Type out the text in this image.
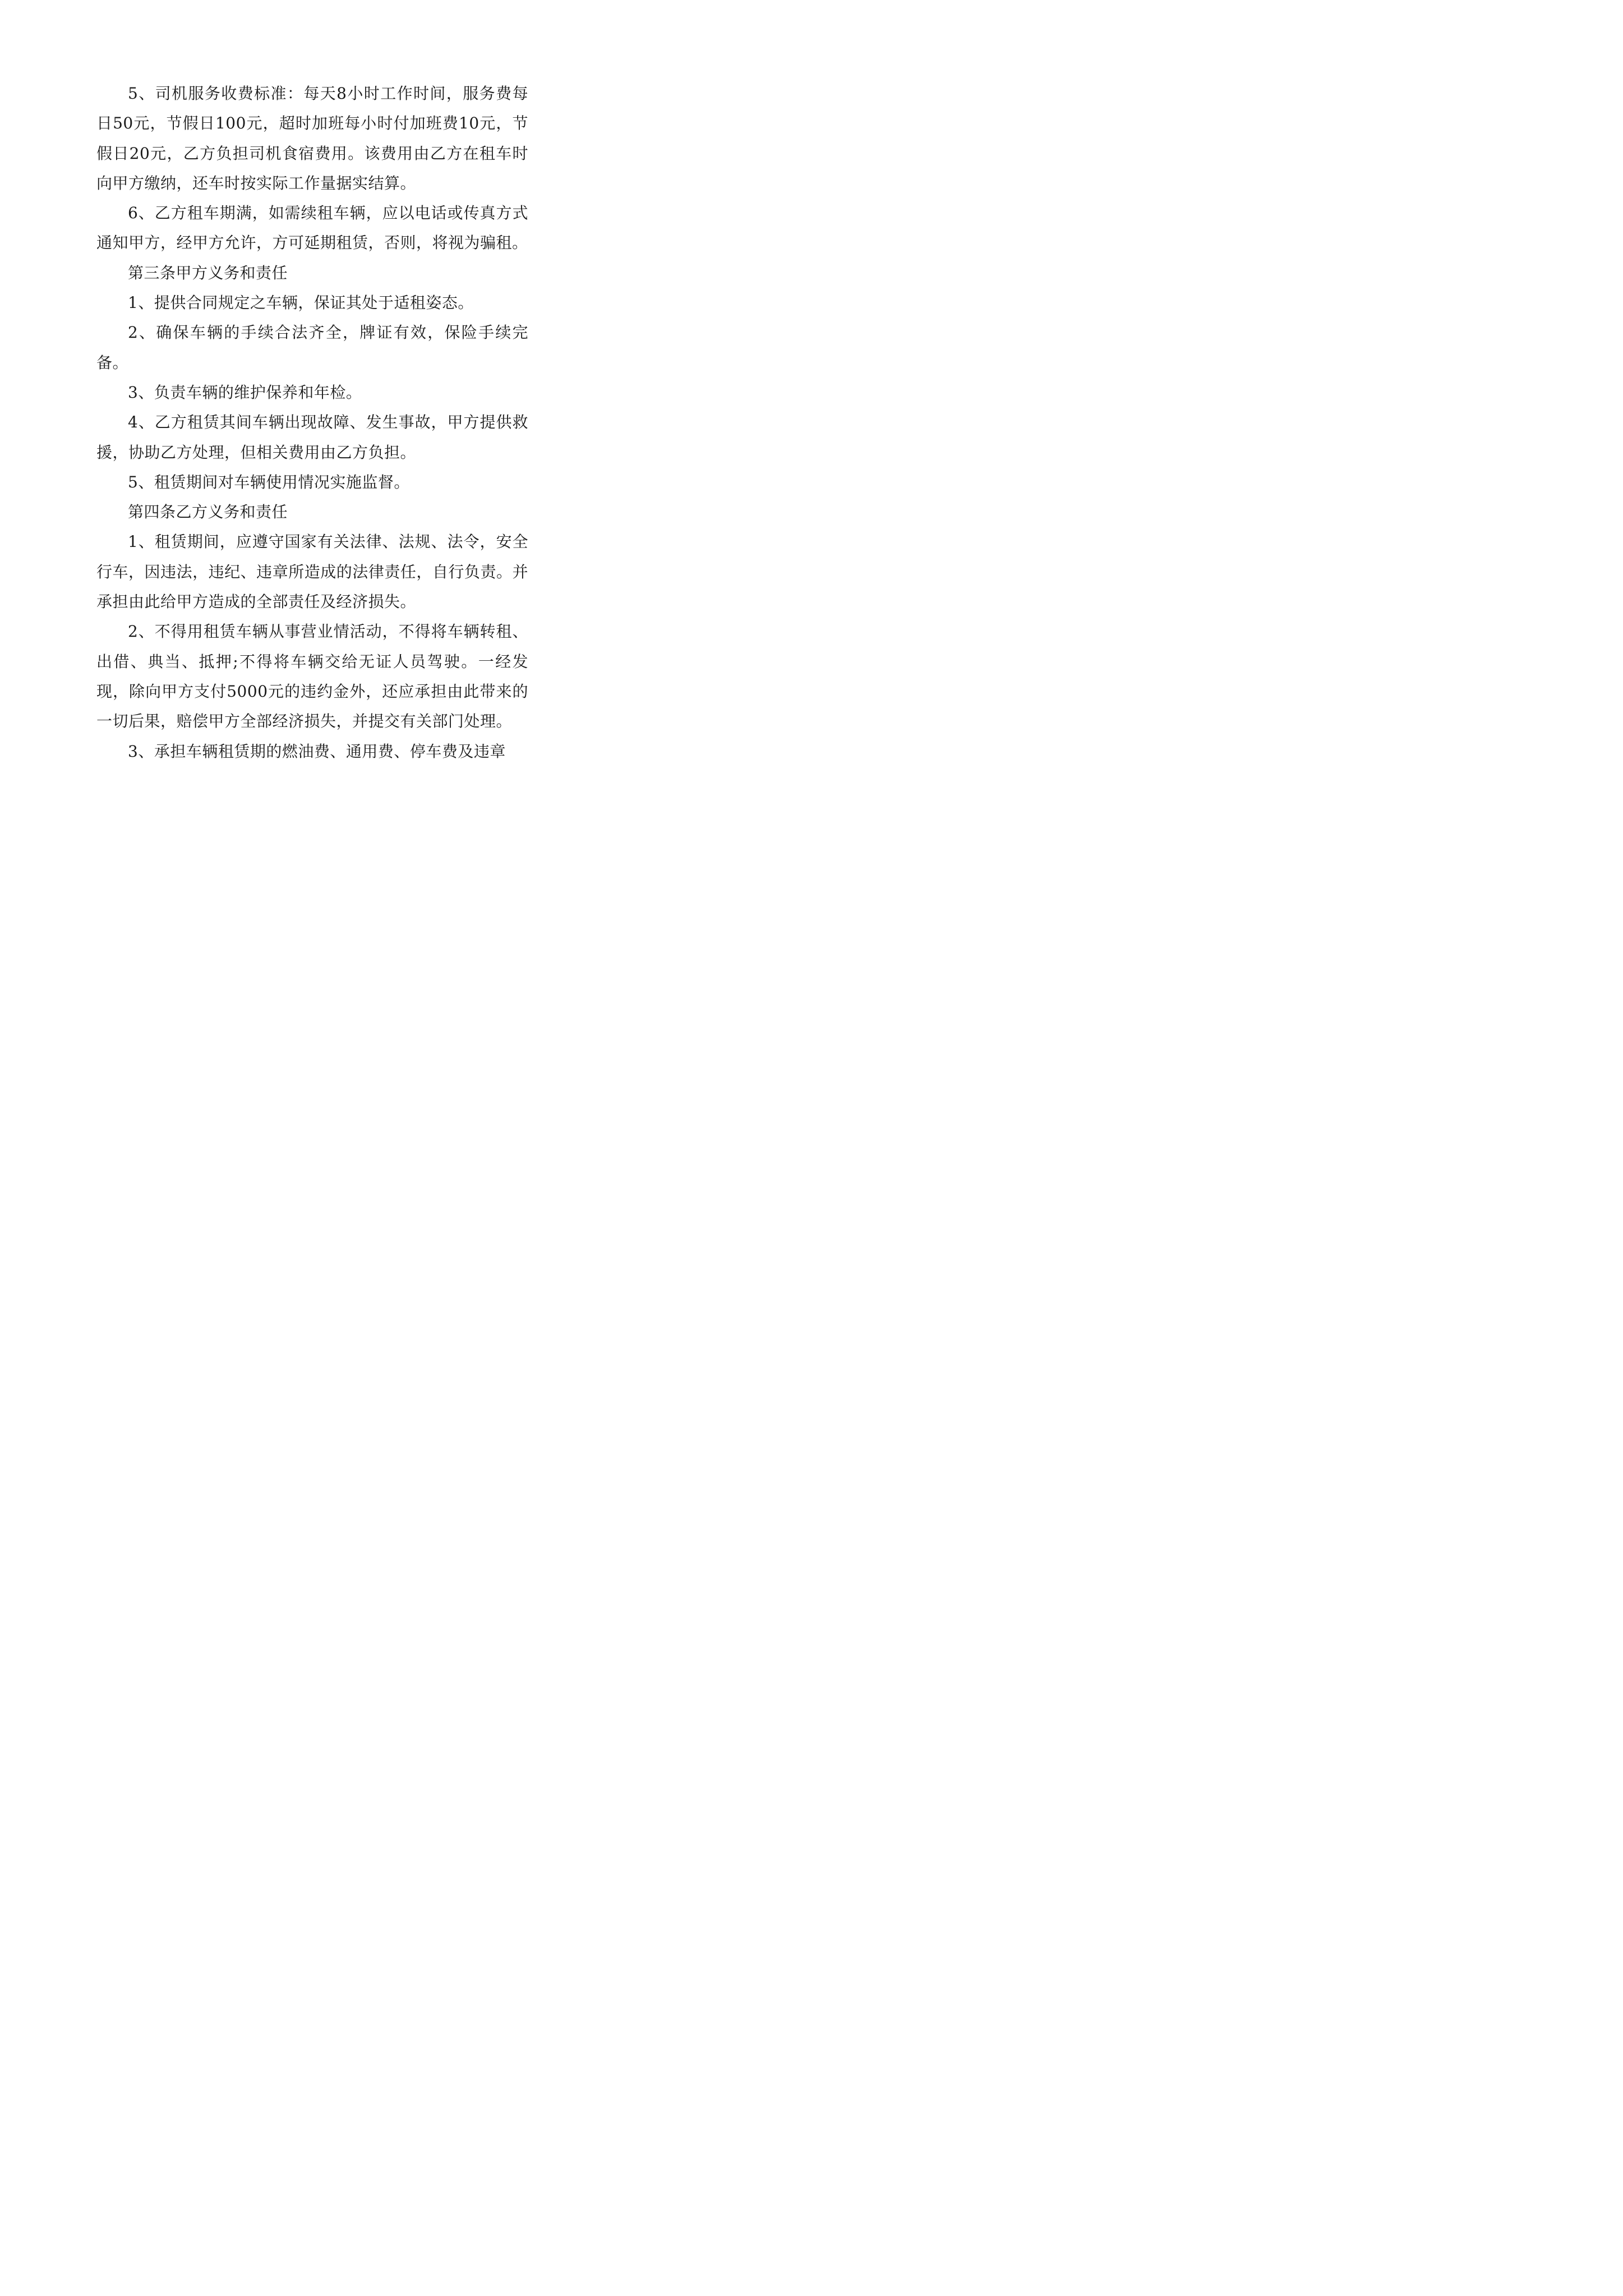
5、司机服务收费标准：每天8小时工作时间，服务费每日50元，节假日100元，超时加班每小时付加班费10元，节假日20元，乙方负担司机食宿费用。该费用由乙方在租车时向甲方缴纳，还车时按实际工作量据实结算。

6、乙方租车期满，如需续租车辆，应以电话或传真方式通知甲方，经甲方允许，方可延期租赁，否则，将视为骗租。

第三条甲方义务和责任

1、提供合同规定之车辆，保证其处于适租姿态。

2、确保车辆的手续合法齐全，牌证有效，保险手续完备。

3、负责车辆的维护保养和年检。

4、乙方租赁其间车辆出现故障、发生事故，甲方提供救援，协助乙方处理，但相关费用由乙方负担。

5、租赁期间对车辆使用情况实施监督。

第四条乙方义务和责任

1、租赁期间，应遵守国家有关法律、法规、法令，安全行车，因违法，违纪、违章所造成的法律责任，自行负责。并承担由此给甲方造成的全部责任及经济损失。

2、不得用租赁车辆从事营业情活动，不得将车辆转租、出借、典当、抵押;不得将车辆交给无证人员驾驶。一经发现，除向甲方支付5000元的违约金外，还应承担由此带来的一切后果，赔偿甲方全部经济损失，并提交有关部门处理。

3、承担车辆租赁期的燃油费、通用费、停车费及违章
